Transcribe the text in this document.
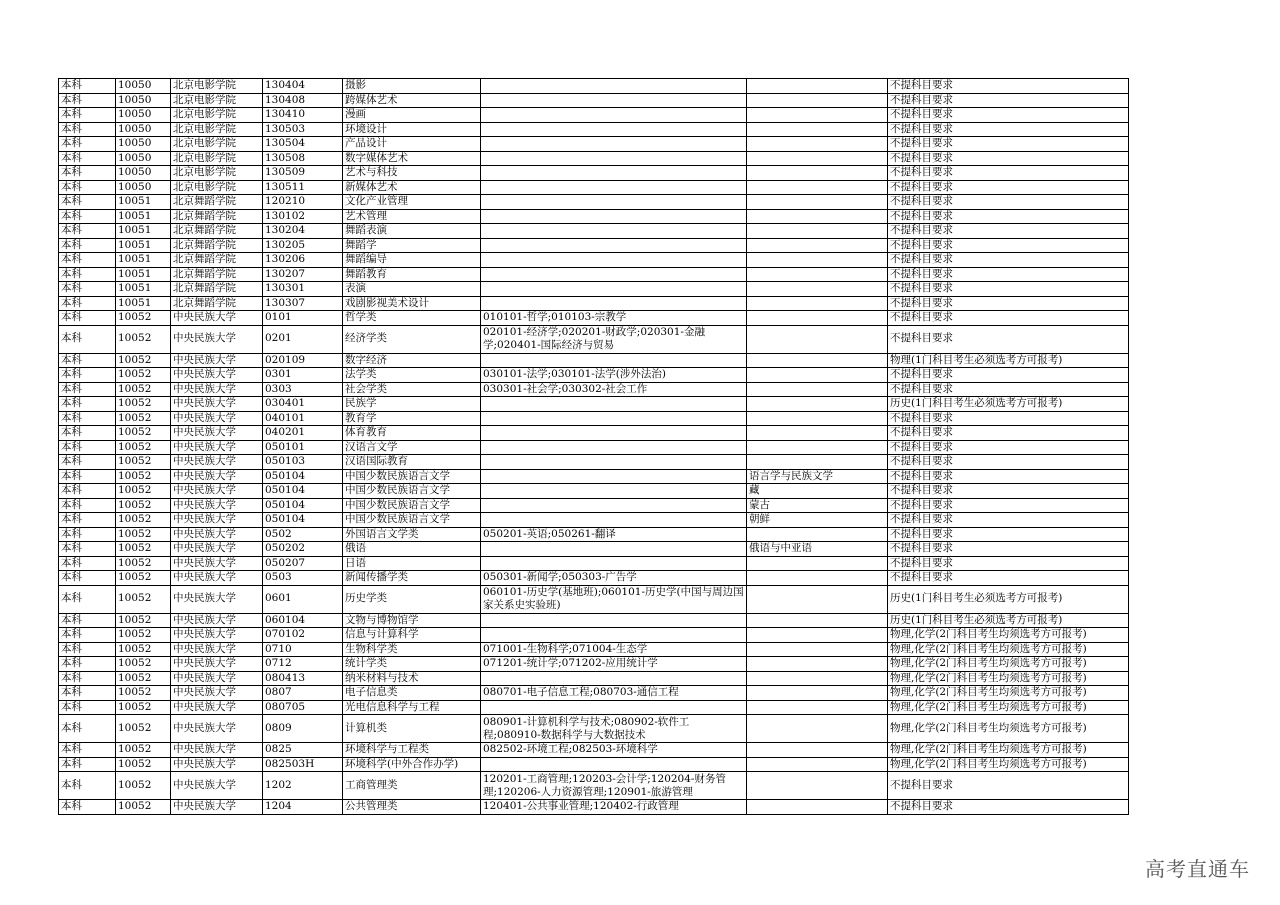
本科	10050	北京电影学院	130404	摄影			不提科目要求
本科	10050	北京电影学院	130408	跨媒体艺术			不提科目要求
本科	10050	北京电影学院	130410	漫画			不提科目要求
本科	10050	北京电影学院	130503	环境设计			不提科目要求
本科	10050	北京电影学院	130504	产品设计			不提科目要求
本科	10050	北京电影学院	130508	数字媒体艺术			不提科目要求
本科	10050	北京电影学院	130509	艺术与科技			不提科目要求
本科	10050	北京电影学院	130511	新媒体艺术			不提科目要求
本科	10051	北京舞蹈学院	120210	文化产业管理			不提科目要求
本科	10051	北京舞蹈学院	130102	艺术管理			不提科目要求
本科	10051	北京舞蹈学院	130204	舞蹈表演			不提科目要求
本科	10051	北京舞蹈学院	130205	舞蹈学			不提科目要求
本科	10051	北京舞蹈学院	130206	舞蹈编导			不提科目要求
本科	10051	北京舞蹈学院	130207	舞蹈教育			不提科目要求
本科	10051	北京舞蹈学院	130301	表演			不提科目要求
本科	10051	北京舞蹈学院	130307	戏剧影视美术设计			不提科目要求
本科	10052	中央民族大学	0101	哲学类	010101-哲学;010103-宗教学		不提科目要求
本科	10052	中央民族大学	0201	经济学类	020101-经济学;020201-财政学;020301-金融学;020401-国际经济与贸易		不提科目要求
本科	10052	中央民族大学	020109	数字经济			物理(1门科目考生必须选考方可报考)
本科	10052	中央民族大学	0301	法学类	030101-法学;030101-法学(涉外法治)		不提科目要求
本科	10052	中央民族大学	0303	社会学类	030301-社会学;030302-社会工作		不提科目要求
本科	10052	中央民族大学	030401	民族学			历史(1门科目考生必须选考方可报考)
本科	10052	中央民族大学	040101	教育学			不提科目要求
本科	10052	中央民族大学	040201	体育教育			不提科目要求
本科	10052	中央民族大学	050101	汉语言文学			不提科目要求
本科	10052	中央民族大学	050103	汉语国际教育			不提科目要求
本科	10052	中央民族大学	050104	中国少数民族语言文学		语言学与民族文学	不提科目要求
本科	10052	中央民族大学	050104	中国少数民族语言文学		藏	不提科目要求
本科	10052	中央民族大学	050104	中国少数民族语言文学		蒙古	不提科目要求
本科	10052	中央民族大学	050104	中国少数民族语言文学		朝鲜	不提科目要求
本科	10052	中央民族大学	0502	外国语言文学类	050201-英语;050261-翻译		不提科目要求
本科	10052	中央民族大学	050202	俄语		俄语与中亚语	不提科目要求
本科	10052	中央民族大学	050207	日语			不提科目要求
本科	10052	中央民族大学	0503	新闻传播学类	050301-新闻学;050303-广告学		不提科目要求
本科	10052	中央民族大学	0601	历史学类	060101-历史学(基地班);060101-历史学(中国与周边国家关系史实验班)		历史(1门科目考生必须选考方可报考)
本科	10052	中央民族大学	060104	文物与博物馆学			历史(1门科目考生必须选考方可报考)
本科	10052	中央民族大学	070102	信息与计算科学			物理,化学(2门科目考生均须选考方可报考)
本科	10052	中央民族大学	0710	生物科学类	071001-生物科学;071004-生态学		物理,化学(2门科目考生均须选考方可报考)
本科	10052	中央民族大学	0712	统计学类	071201-统计学;071202-应用统计学		物理,化学(2门科目考生均须选考方可报考)
本科	10052	中央民族大学	080413	纳米材料与技术			物理,化学(2门科目考生均须选考方可报考)
本科	10052	中央民族大学	0807	电子信息类	080701-电子信息工程;080703-通信工程		物理,化学(2门科目考生均须选考方可报考)
本科	10052	中央民族大学	080705	光电信息科学与工程			物理,化学(2门科目考生均须选考方可报考)
本科	10052	中央民族大学	0809	计算机类	080901-计算机科学与技术;080902-软件工程;080910-数据科学与大数据技术		物理,化学(2门科目考生均须选考方可报考)
本科	10052	中央民族大学	0825	环境科学与工程类	082502-环境工程;082503-环境科学		物理,化学(2门科目考生均须选考方可报考)
本科	10052	中央民族大学	082503H	环境科学(中外合作办学)			物理,化学(2门科目考生均须选考方可报考)
本科	10052	中央民族大学	1202	工商管理类	120201-工商管理;120203-会计学;120204-财务管理;120206-人力资源管理;120901-旅游管理		不提科目要求
本科	10052	中央民族大学	1204	公共管理类	120401-公共事业管理;120402-行政管理		不提科目要求
高考直通车
